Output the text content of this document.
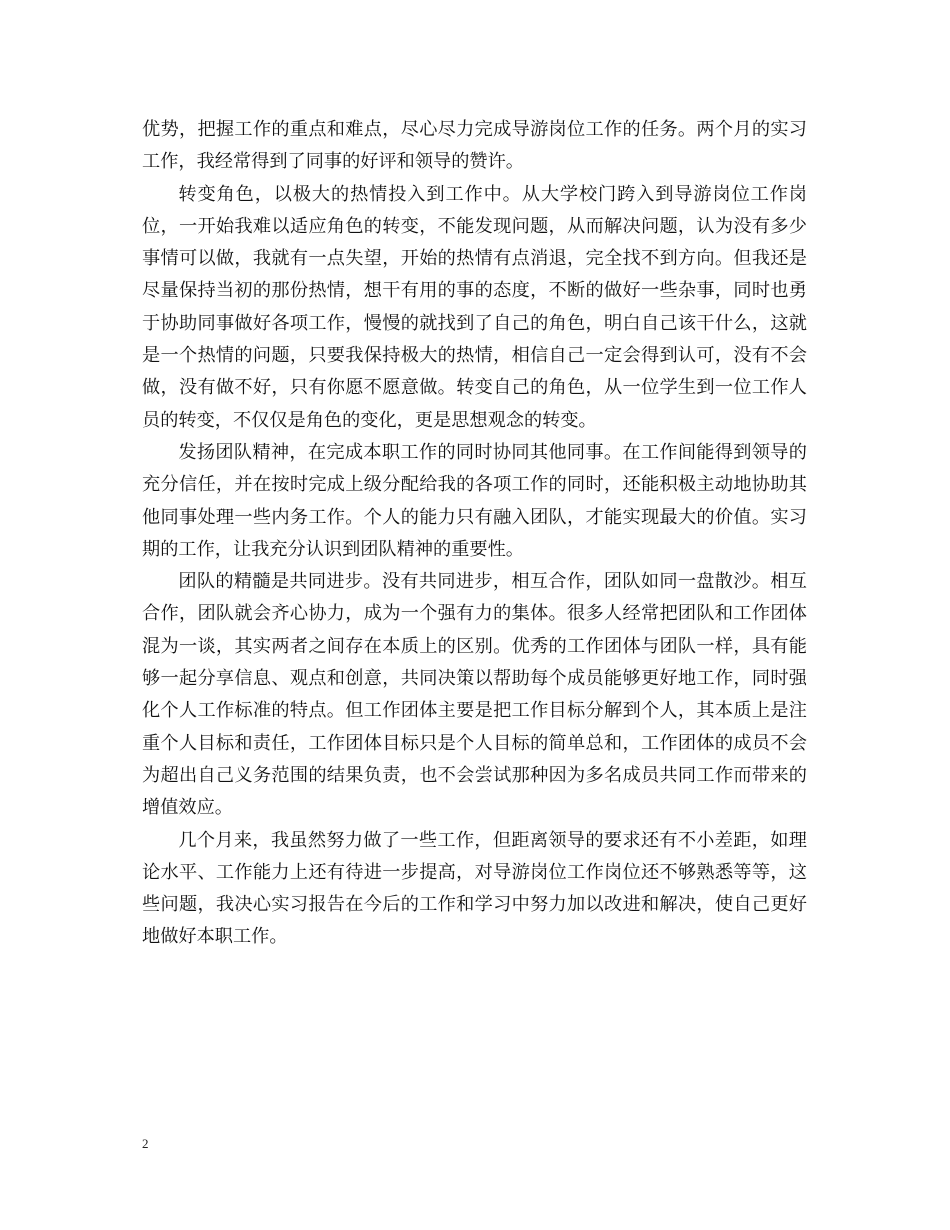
优势，把握工作的重点和难点，尽心尽力完成导游岗位工作的任务。两个月的实习工作，我经常得到了同事的好评和领导的赞许。

转变角色，以极大的热情投入到工作中。从大学校门跨入到导游岗位工作岗位，一开始我难以适应角色的转变，不能发现问题，从而解决问题，认为没有多少事情可以做，我就有一点失望，开始的热情有点消退，完全找不到方向。但我还是尽量保持当初的那份热情，想干有用的事的态度，不断的做好一些杂事，同时也勇于协助同事做好各项工作，慢慢的就找到了自己的角色，明白自己该干什么，这就是一个热情的问题，只要我保持极大的热情，相信自己一定会得到认可，没有不会做，没有做不好，只有你愿不愿意做。转变自己的角色，从一位学生到一位工作人员的转变，不仅仅是角色的变化，更是思想观念的转变。

发扬团队精神，在完成本职工作的同时协同其他同事。在工作间能得到领导的充分信任，并在按时完成上级分配给我的各项工作的同时，还能积极主动地协助其他同事处理一些内务工作。个人的能力只有融入团队，才能实现最大的价值。实习期的工作，让我充分认识到团队精神的重要性。

团队的精髓是共同进步。没有共同进步，相互合作，团队如同一盘散沙。相互合作，团队就会齐心协力，成为一个强有力的集体。很多人经常把团队和工作团体混为一谈，其实两者之间存在本质上的区别。优秀的工作团体与团队一样，具有能够一起分享信息、观点和创意，共同决策以帮助每个成员能够更好地工作，同时强化个人工作标准的特点。但工作团体主要是把工作目标分解到个人，其本质上是注重个人目标和责任，工作团体目标只是个人目标的简单总和，工作团体的成员不会为超出自己义务范围的结果负责，也不会尝试那种因为多名成员共同工作而带来的增值效应。

几个月来，我虽然努力做了一些工作，但距离领导的要求还有不小差距，如理论水平、工作能力上还有待进一步提高，对导游岗位工作岗位还不够熟悉等等，这些问题，我决心实习报告在今后的工作和学习中努力加以改进和解决，使自己更好地做好本职工作。

2
